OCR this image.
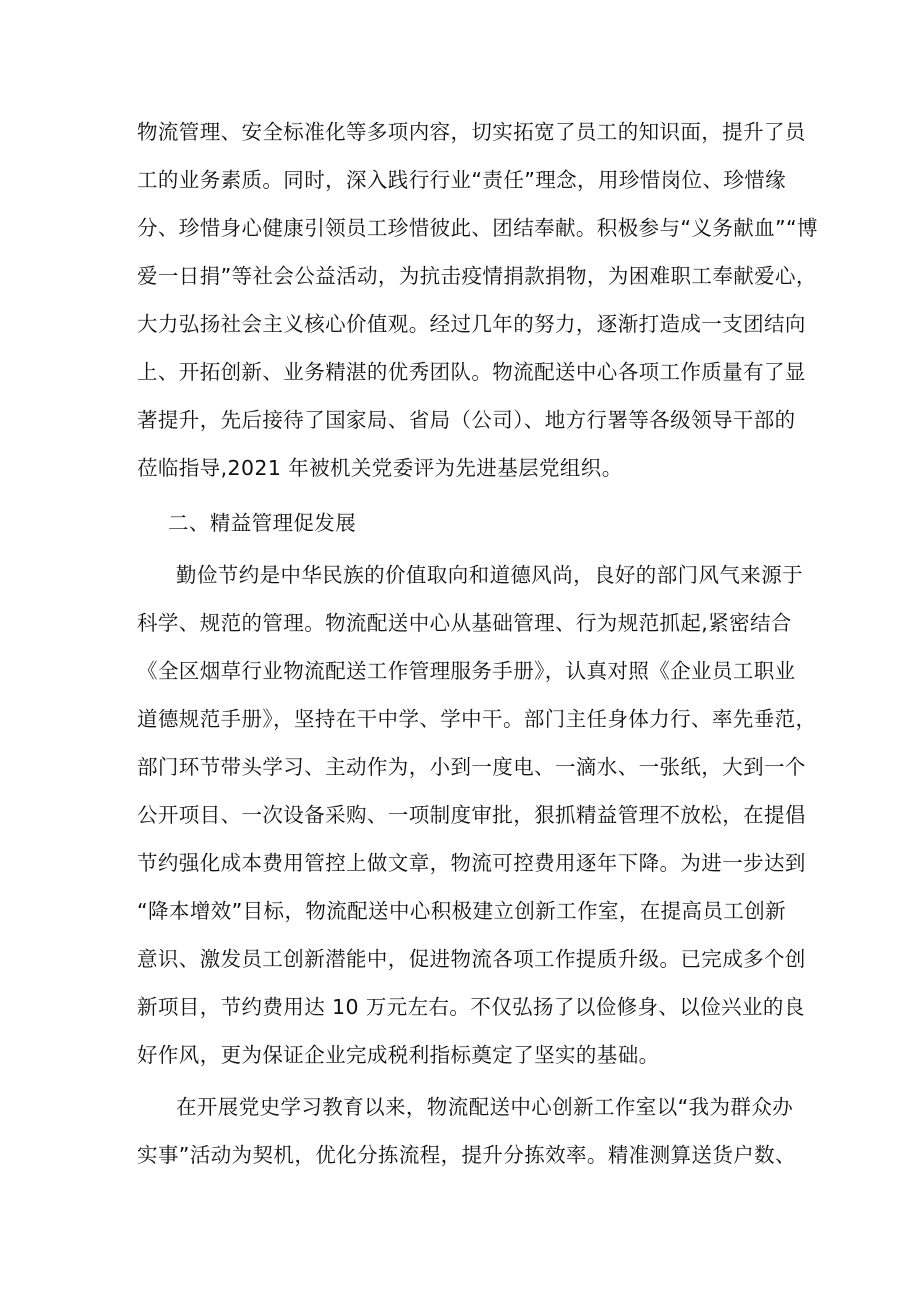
物流管理、安全标准化等多项内容，切实拓宽了员工的知识面，提升了员
工的业务素质。同时，深入践行行业“责任”理念，用珍惜岗位、珍惜缘
分、珍惜身心健康引领员工珍惜彼此、团结奉献。积极参与“义务献血”“博
爱一日捐”等社会公益活动，为抗击疫情捐款捐物，为困难职工奉献爱心，
大力弘扬社会主义核心价值观。经过几年的努力，逐渐打造成一支团结向
上、开拓创新、业务精湛的优秀团队。物流配送中心各项工作质量有了显
著提升，先后接待了国家局、省局（公司）、地方行署等各级领导干部的
莅临指导,2021 年被机关党委评为先进基层党组织。
二、精益管理促发展
勤俭节约是中华民族的价值取向和道德风尚，良好的部门风气来源于
科学、规范的管理。物流配送中心从基础管理、行为规范抓起,紧密结合
《全区烟草行业物流配送工作管理服务手册》，认真对照《企业员工职业
道德规范手册》，坚持在干中学、学中干。部门主任身体力行、率先垂范，
部门环节带头学习、主动作为，小到一度电、一滴水、一张纸，大到一个
公开项目、一次设备采购、一项制度审批，狠抓精益管理不放松，在提倡
节约强化成本费用管控上做文章，物流可控费用逐年下降。为进一步达到
“降本增效”目标，物流配送中心积极建立创新工作室，在提高员工创新
意识、激发员工创新潜能中，促进物流各项工作提质升级。已完成多个创
新项目，节约费用达 10 万元左右。不仅弘扬了以俭修身、以俭兴业的良
好作风，更为保证企业完成税利指标奠定了坚实的基础。
在开展党史学习教育以来，物流配送中心创新工作室以“我为群众办
实事”活动为契机，优化分拣流程，提升分拣效率。精准测算送货户数、
